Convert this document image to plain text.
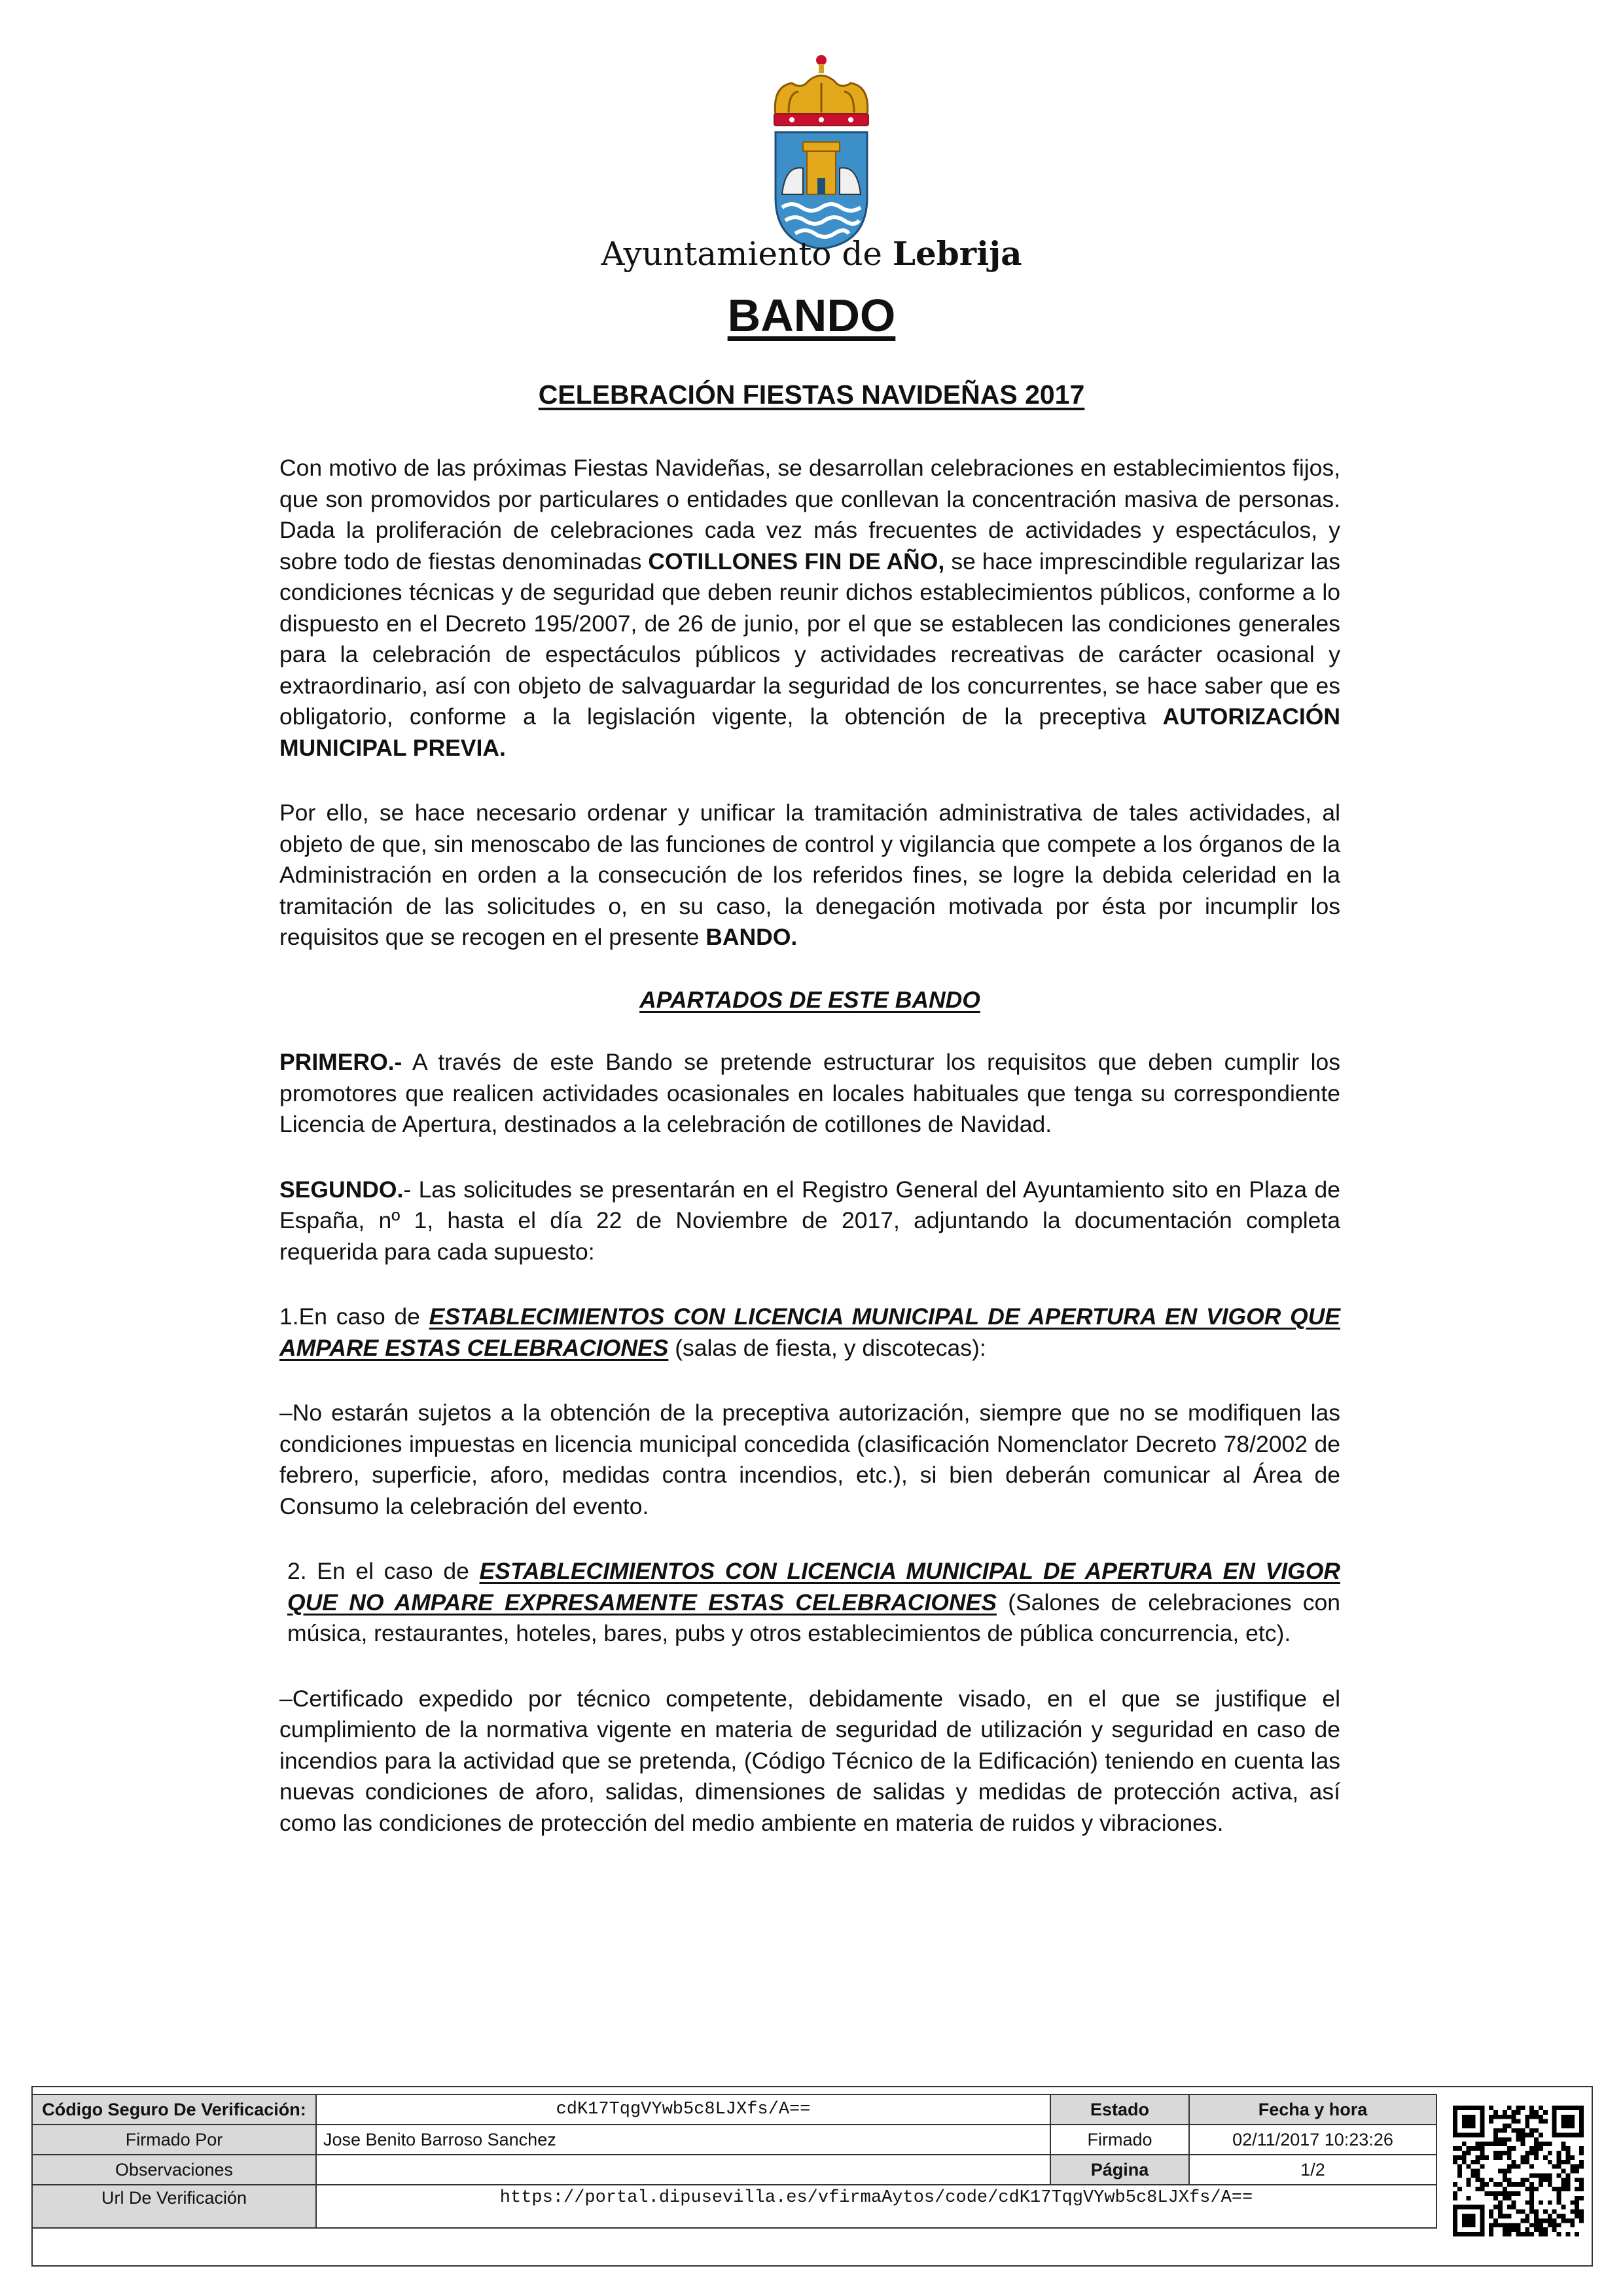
Ayuntamiento de Lebrija
BANDO
CELEBRACIÓN FIESTAS NAVIDEÑAS 2017

Con motivo de las próximas Fiestas Navideñas, se desarrollan celebraciones en establecimientos fijos, que son promovidos por particulares o entidades que conllevan la concentración masiva de personas. Dada la proliferación de celebraciones cada vez más frecuentes de actividades y espectáculos, y sobre todo de fiestas denominadas COTILLONES FIN DE AÑO, se hace imprescindible regularizar las condiciones técnicas y de seguridad que deben reunir dichos establecimientos públicos, conforme a lo dispuesto en el Decreto 195/2007, de 26 de junio, por el que se establecen las condiciones generales para la celebración de espectáculos públicos y actividades recreativas de carácter ocasional y extraordinario, así con objeto de salvaguardar la seguridad de los concurrentes, se hace saber que es obligatorio, conforme a la legislación vigente, la obtención de la preceptiva AUTORIZACIÓN MUNICIPAL PREVIA.

Por ello, se hace necesario ordenar y unificar la tramitación administrativa de tales actividades, al objeto de que, sin menoscabo de las funciones de control y vigilancia que compete a los órganos de la Administración en orden a la consecución de los referidos fines, se logre la debida celeridad en la tramitación de las solicitudes o, en su caso, la denegación motivada por ésta por incumplir los requisitos que se recogen en el presente BANDO.

APARTADOS DE ESTE BANDO

PRIMERO.- A través de este Bando se pretende estructurar los requisitos que deben cumplir los promotores que realicen actividades ocasionales en locales habituales que tenga su correspondiente Licencia de Apertura, destinados a la celebración de cotillones de Navidad.

SEGUNDO.- Las solicitudes se presentarán en el Registro General del Ayuntamiento sito en Plaza de España, nº 1, hasta el día 22 de Noviembre de 2017, adjuntando la documentación completa requerida para cada supuesto:

1.En caso de ESTABLECIMIENTOS CON LICENCIA MUNICIPAL DE APERTURA EN VIGOR QUE AMPARE ESTAS CELEBRACIONES (salas de fiesta, y discotecas):

–No estarán sujetos a la obtención de la preceptiva autorización, siempre que no se modifiquen las condiciones impuestas en licencia municipal concedida (clasificación Nomenclator Decreto 78/2002 de febrero, superficie, aforo, medidas contra incendios, etc.), si bien deberán comunicar al Área de Consumo la celebración del evento.

2. En el caso de ESTABLECIMIENTOS CON LICENCIA MUNICIPAL DE APERTURA EN VIGOR QUE NO AMPARE EXPRESAMENTE ESTAS CELEBRACIONES (Salones de celebraciones con música, restaurantes, hoteles, bares, pubs y otros establecimientos de pública concurrencia, etc).

–Certificado expedido por técnico competente, debidamente visado, en el que se justifique el cumplimiento de la normativa vigente en materia de seguridad de utilización y seguridad en caso de incendios para la actividad que se pretenda, (Código Técnico de la Edificación) teniendo en cuenta las nuevas condiciones de aforo, salidas, dimensiones de salidas y medidas de protección activa, así como las condiciones de protección del medio ambiente en materia de ruidos y vibraciones.

Código Seguro De Verificación:	cdK17TqgVYwb5c8LJXfs/A==	Estado	Fecha y hora
Firmado Por	Jose Benito Barroso Sanchez	Firmado	02/11/2017 10:23:26
Observaciones		Página	1/2
Url De Verificación	https://portal.dipusevilla.es/vfirmaAytos/code/cdK17TqgVYwb5c8LJXfs/A==		
